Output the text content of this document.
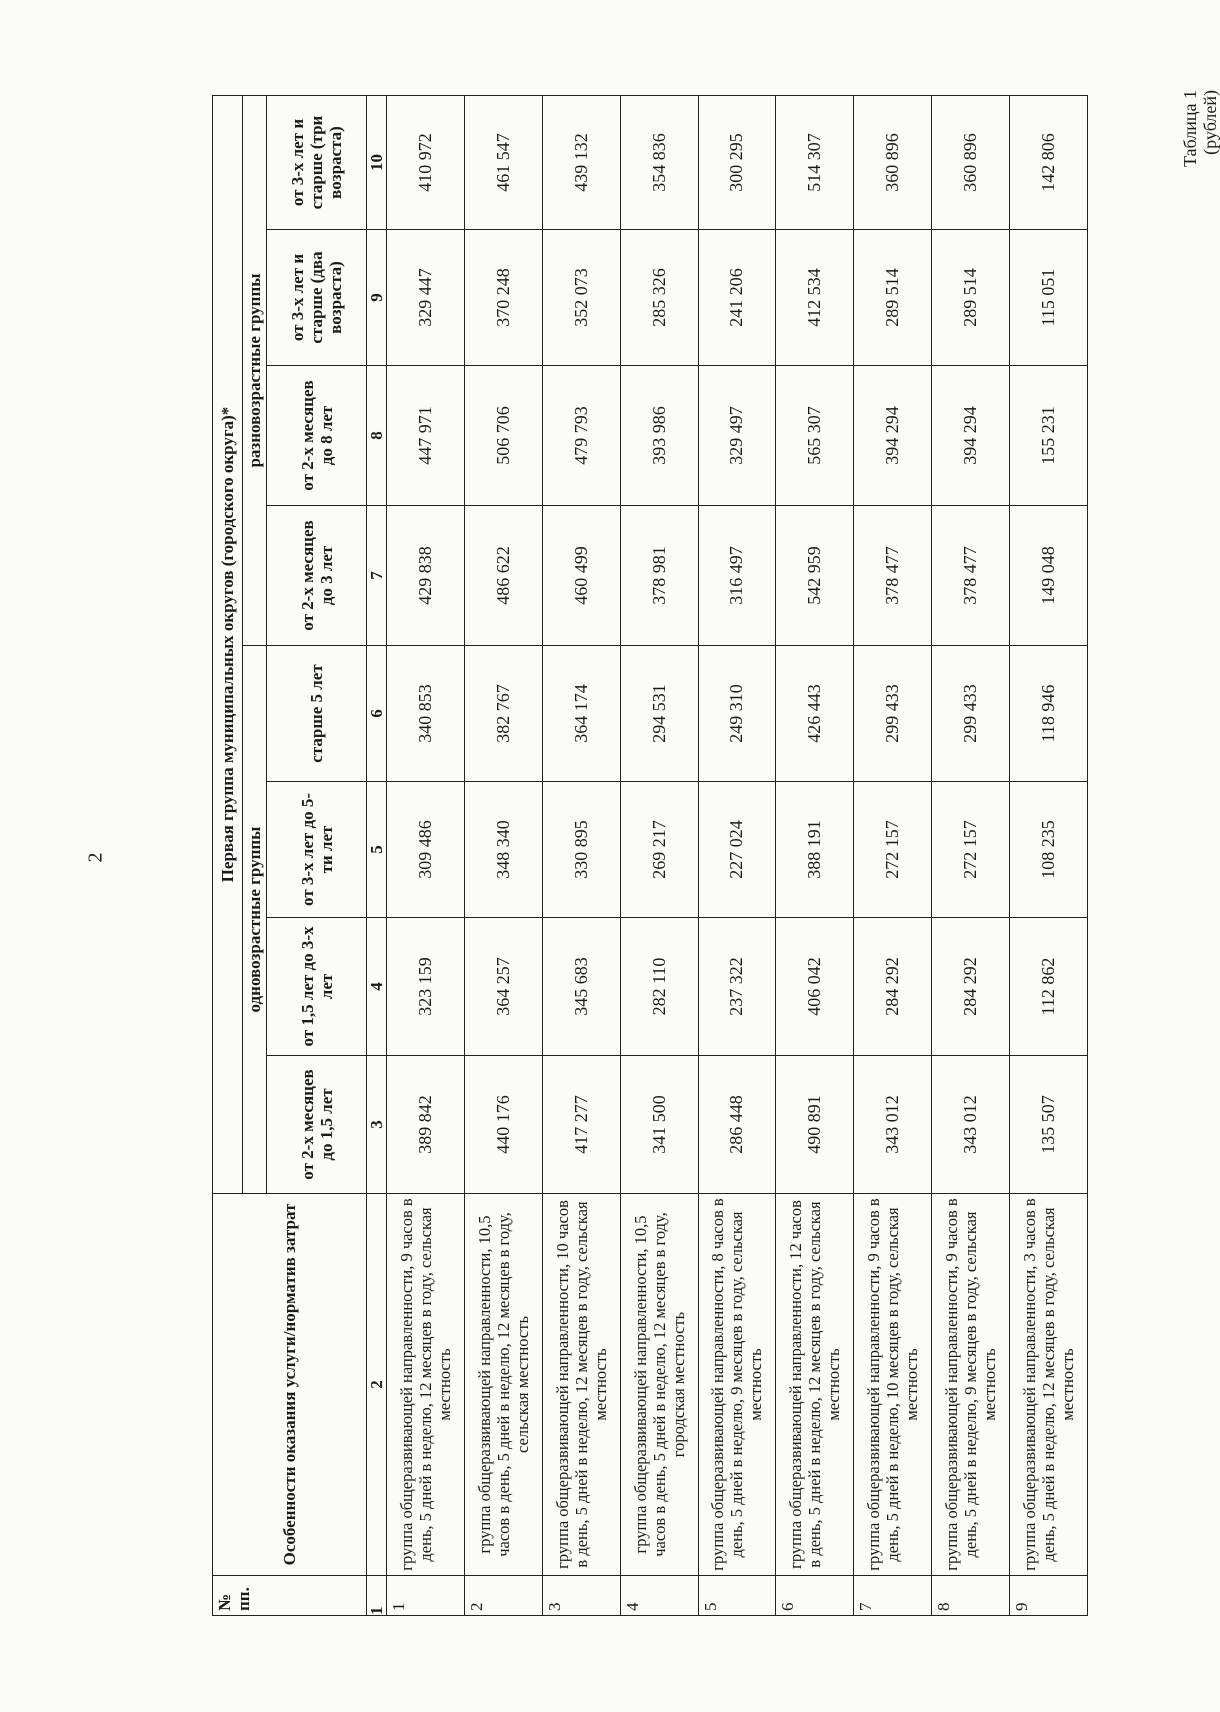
2
Таблица 1 (рублей)
№ пп.	Особенности оказания услуги/норматив затрат	Первая группа муниципальных округов (городского округа)*							
		одновозрастные группы				разновозрастные группы			
		от 2-х месяцев до 1,5 лет	от 1,5 лет до 3-х лет	от 3-х лет до 5-ти лет	старше 5 лет	от 2-х месяцев до 3 лет	от 2-х месяцев до 8 лет	от 3-х лет и старше (два возраста)	от 3-х лет и старше (три возраста)
1	2	3	4	5	6	7	8	9	10
1	группа общеразвивающей направленности, 9 часов в день, 5 дней в неделю, 12 месяцев в году, сельская местность	389 842	323 159	309 486	340 853	429 838	447 971	329 447	410 972
2	группа общеразвивающей направленности, 10,5 часов в день, 5 дней в неделю, 12 месяцев в году, сельская местность	440 176	364 257	348 340	382 767	486 622	506 706	370 248	461 547
3	группа общеразвивающей направленности, 10 часов в день, 5 дней в неделю, 12 месяцев в году, сельская местность	417 277	345 683	330 895	364 174	460 499	479 793	352 073	439 132
4	группа общеразвивающей направленности, 10,5 часов в день, 5 дней в неделю, 12 месяцев в году, городская местность	341 500	282 110	269 217	294 531	378 981	393 986	285 326	354 836
5	группа общеразвивающей направленности, 8 часов в день, 5 дней в неделю, 9 месяцев в году, сельская местность	286 448	237 322	227 024	249 310	316 497	329 497	241 206	300 295
6	группа общеразвивающей направленности, 12 часов в день, 5 дней в неделю, 12 месяцев в году, сельская местность	490 891	406 042	388 191	426 443	542 959	565 307	412 534	514 307
7	группа общеразвивающей направленности, 9 часов в день, 5 дней в неделю, 10 месяцев в году, сельская местность	343 012	284 292	272 157	299 433	378 477	394 294	289 514	360 896
8	группа общеразвивающей направленности, 9 часов в день, 5 дней в неделю, 9 месяцев в году, сельская местность	343 012	284 292	272 157	299 433	378 477	394 294	289 514	360 896
9	группа общеразвивающей направленности, 3 часов в день, 5 дней в неделю, 12 месяцев в году, сельская местность	135 507	112 862	108 235	118 946	149 048	155 231	115 051	142 806
